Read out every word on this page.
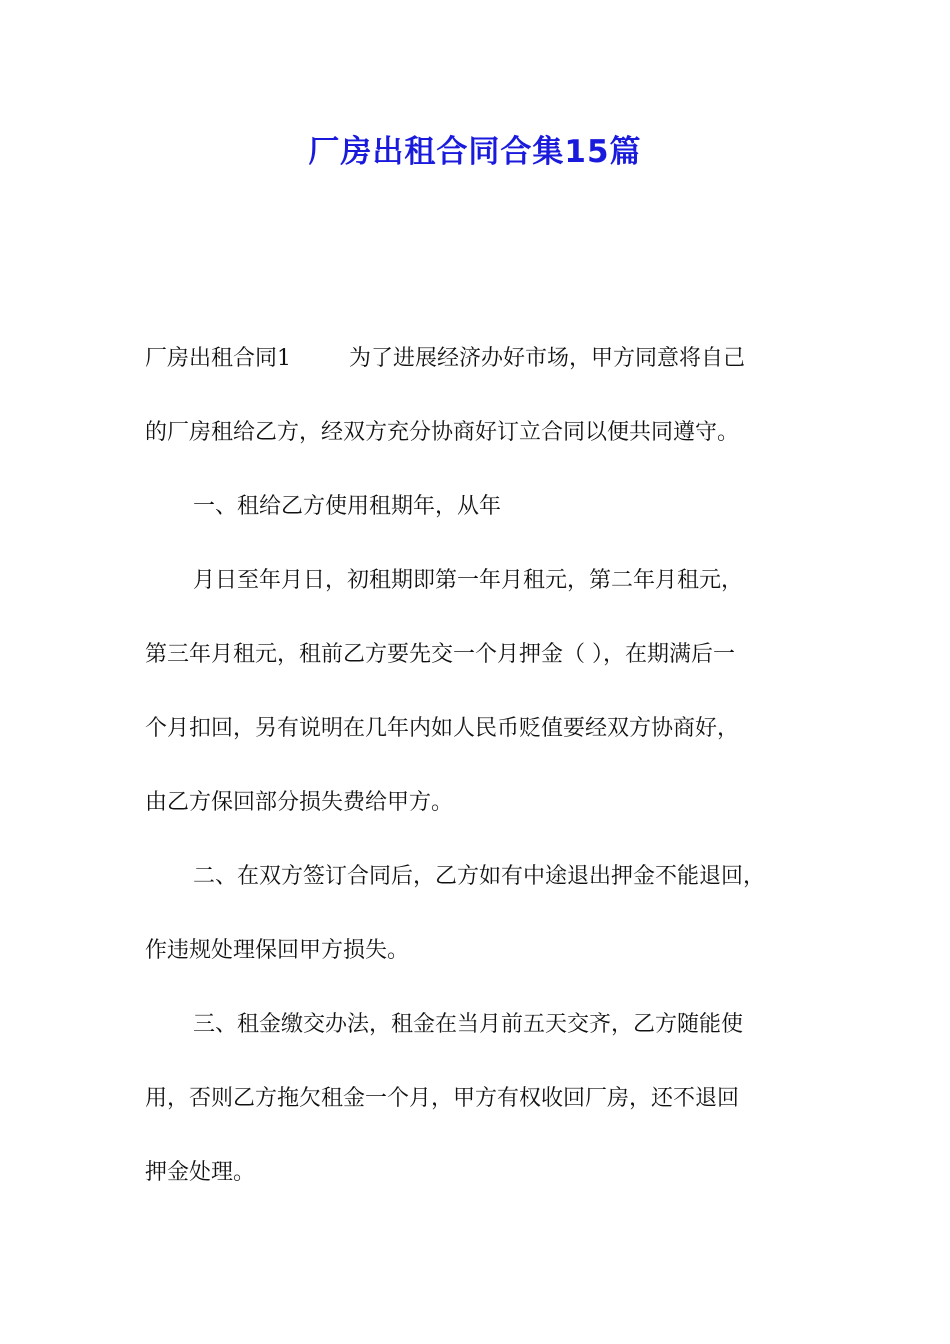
厂房出租合同合集15篇
厂房出租合同1	为了进展经济办好市场，甲方同意将自己
的厂房租给乙方，经双方充分协商好订立合同以便共同遵守。
一、租给乙方使用租期年，从年
月日至年月日，初租期即第一年月租元，第二年月租元，
第三年月租元，租前乙方要先交一个月押金（ ），在期满后一
个月扣回，另有说明在几年内如人民币贬值要经双方协商好，
由乙方保回部分损失费给甲方。
二、在双方签订合同后，乙方如有中途退出押金不能退回，
作违规处理保回甲方损失。
三、租金缴交办法，租金在当月前五天交齐，乙方随能使
用，否则乙方拖欠租金一个月，甲方有权收回厂房，还不退回
押金处理。
